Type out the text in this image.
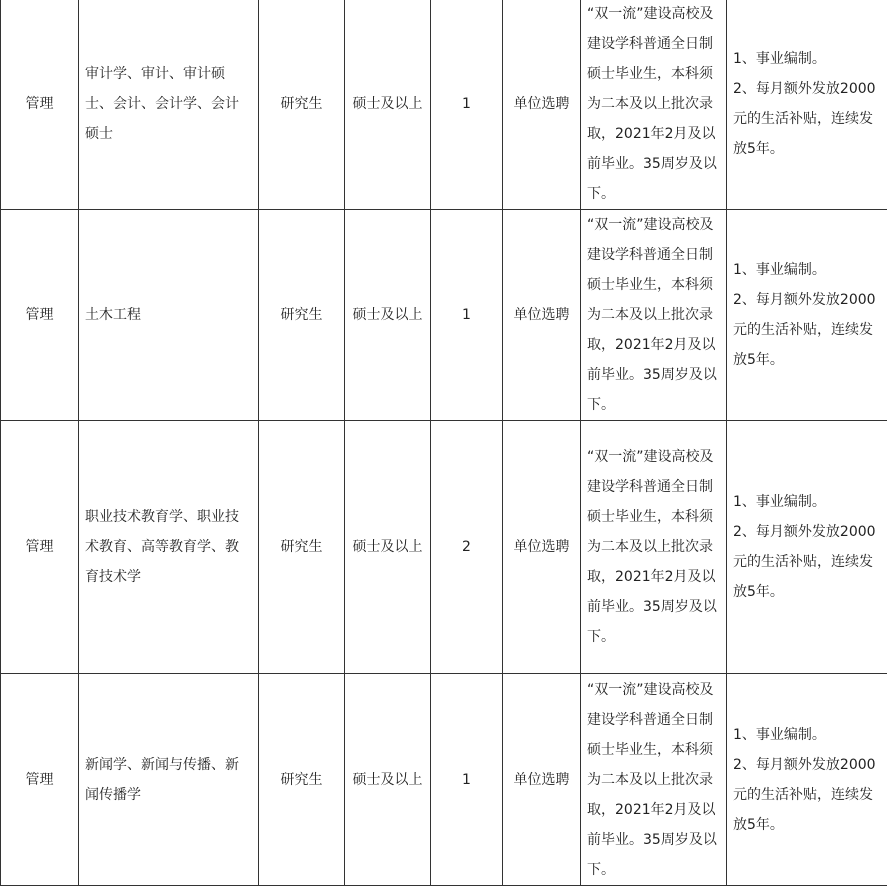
管理	审计学、审计、审计硕士、会计、会计学、会计硕士	研究生	硕士及以上	1	单位选聘	“双一流”建设高校及建设学科普通全日制硕士毕业生，本科须为二本及以上批次录取，2021年2月及以前毕业。35周岁及以下。	1、事业编制。
2、每月额外发放2000元的生活补贴，连续发放5年。

管理	土木工程	研究生	硕士及以上	1	单位选聘	“双一流”建设高校及建设学科普通全日制硕士毕业生，本科须为二本及以上批次录取，2021年2月及以前毕业。35周岁及以下。	1、事业编制。
2、每月额外发放2000元的生活补贴，连续发放5年。

管理	职业技术教育学、职业技术教育、高等教育学、教育技术学	研究生	硕士及以上	2	单位选聘	“双一流”建设高校及建设学科普通全日制硕士毕业生，本科须为二本及以上批次录取，2021年2月及以前毕业。35周岁及以下。	1、事业编制。
2、每月额外发放2000元的生活补贴，连续发放5年。

管理	新闻学、新闻与传播、新闻传播学	研究生	硕士及以上	1	单位选聘	“双一流”建设高校及建设学科普通全日制硕士毕业生，本科须为二本及以上批次录取，2021年2月及以前毕业。35周岁及以下。	1、事业编制。
2、每月额外发放2000元的生活补贴，连续发放5年。
